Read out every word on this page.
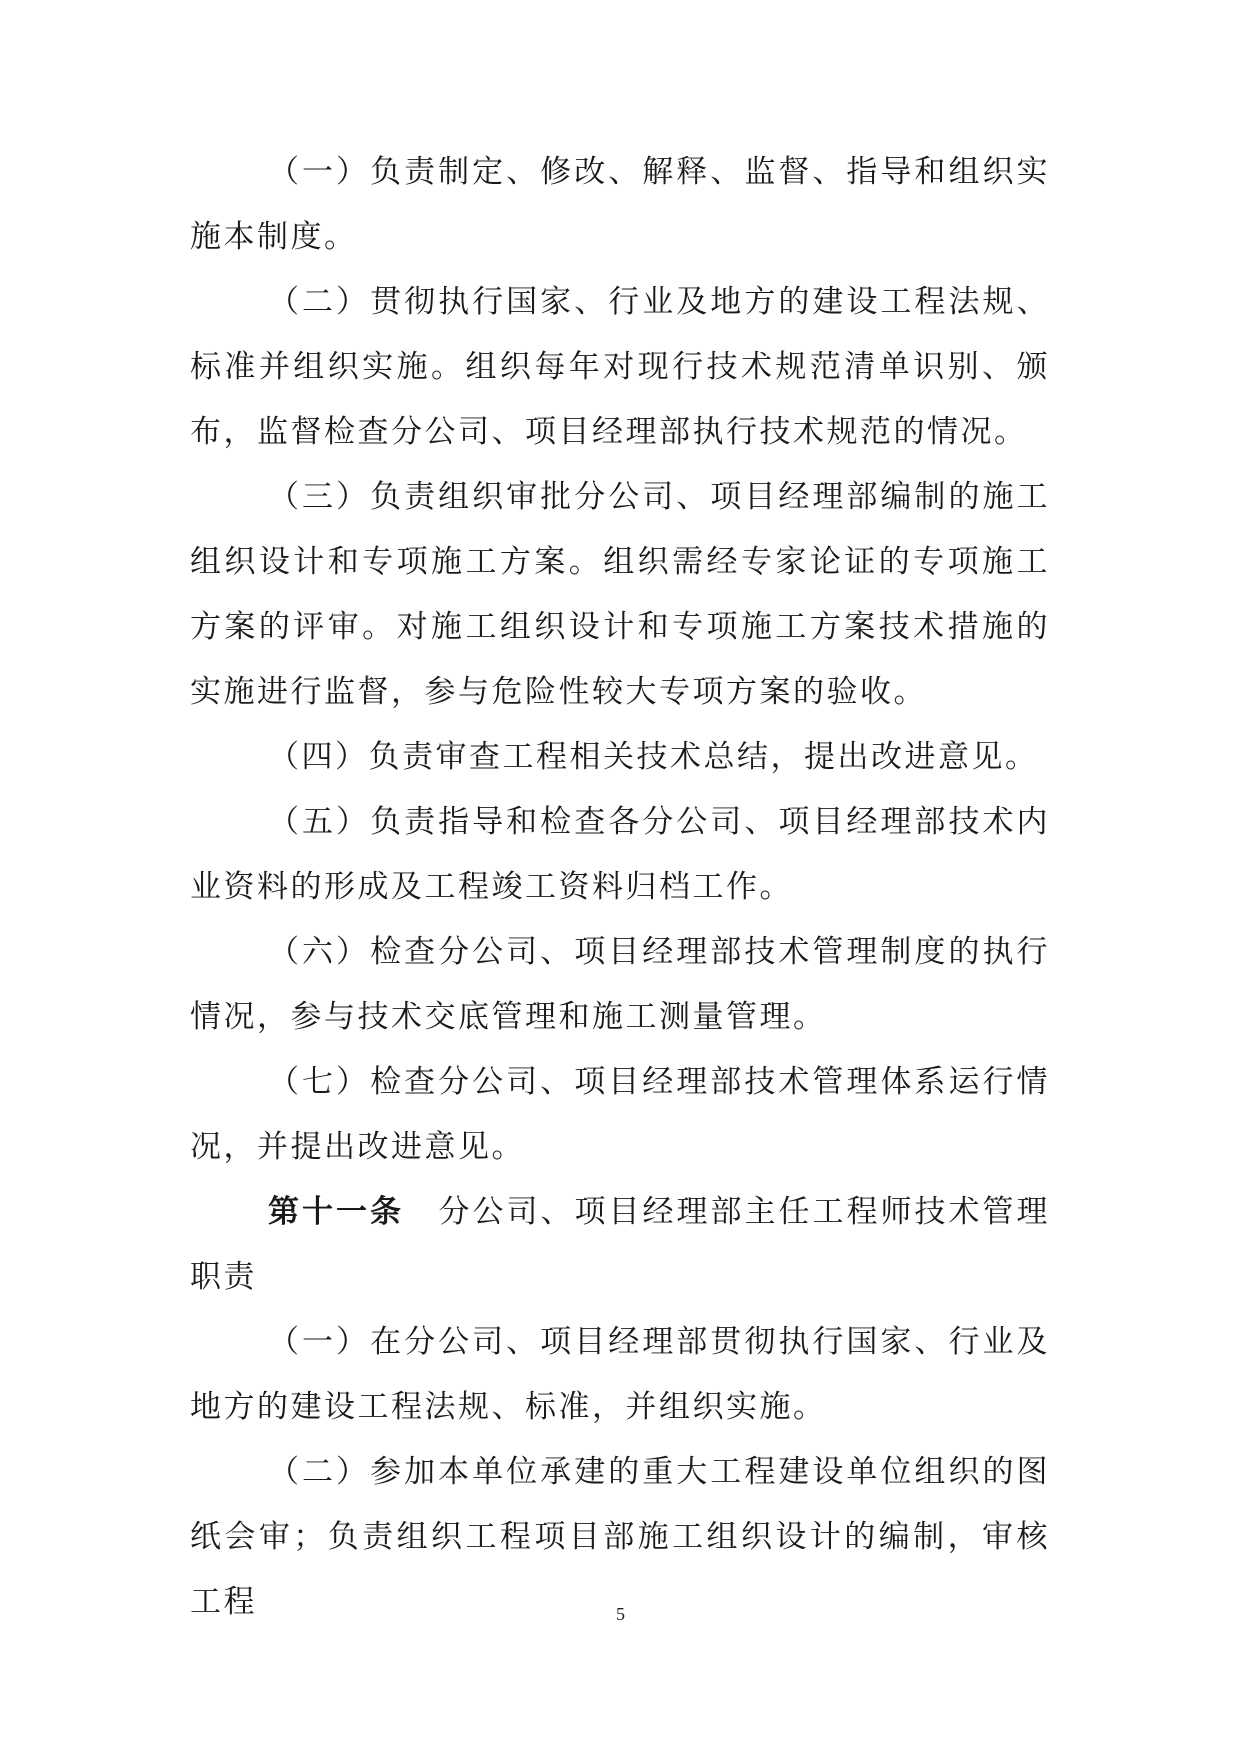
（一）负责制定、修改、解释、监督、指导和组织实施本制度。

（二）贯彻执行国家、行业及地方的建设工程法规、标准并组织实施。组织每年对现行技术规范清单识别、颁布，监督检查分公司、项目经理部执行技术规范的情况。

（三）负责组织审批分公司、项目经理部编制的施工组织设计和专项施工方案。组织需经专家论证的专项施工方案的评审。对施工组织设计和专项施工方案技术措施的实施进行监督，参与危险性较大专项方案的验收。

（四）负责审查工程相关技术总结，提出改进意见。

（五）负责指导和检查各分公司、项目经理部技术内业资料的形成及工程竣工资料归档工作。

（六）检查分公司、项目经理部技术管理制度的执行情况，参与技术交底管理和施工测量管理。

（七）检查分公司、项目经理部技术管理体系运行情况，并提出改进意见。

第十一条 分公司、项目经理部主任工程师技术管理职责

（一）在分公司、项目经理部贯彻执行国家、行业及地方的建设工程法规、标准，并组织实施。

（二）参加本单位承建的重大工程建设单位组织的图纸会审；负责组织工程项目部施工组织设计的编制，审核工程	5
